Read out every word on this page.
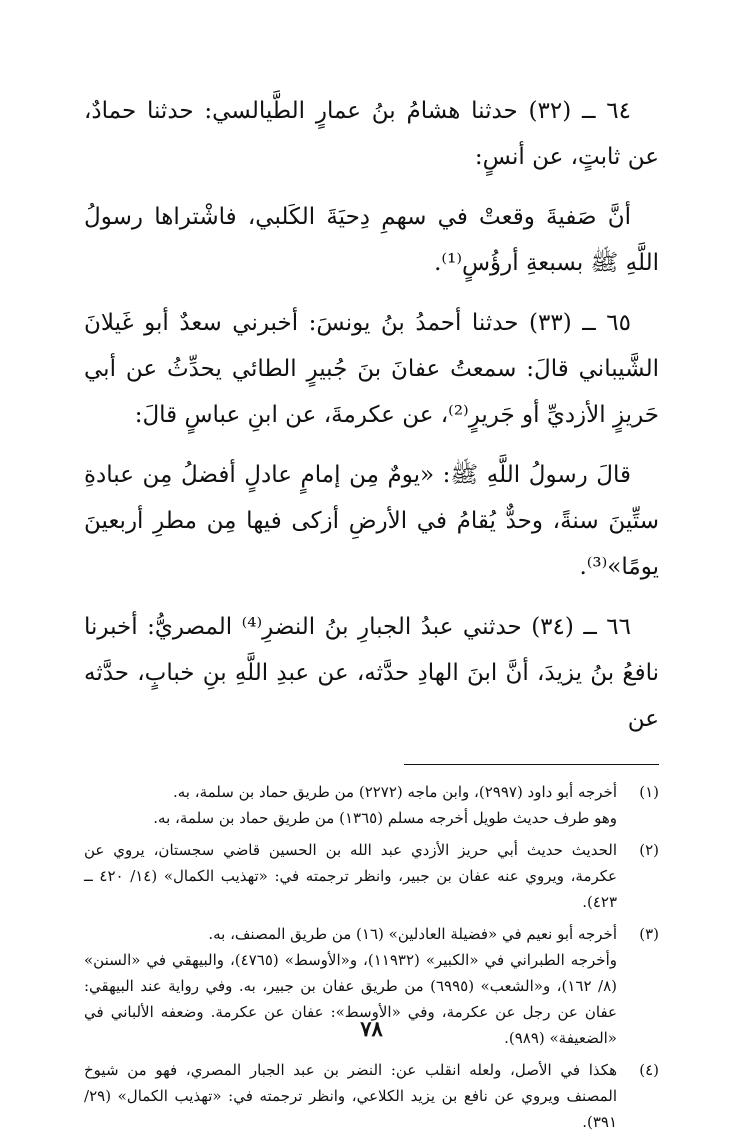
٦٤ ــ (٣٢) حدثنا هشامُ بنُ عمارٍ الطَّيالسي: حدثنا حمادٌ، عن ثابتٍ، عن أنسٍ:

أنَّ صَفيةَ وقعتْ في سهمِ دِحيَةَ الكَلبي، فاشْتراها رسولُ اللَّهِ ﷺ بسبعةِ أرؤُسٍ⁽¹⁾.

٦٥ ــ (٣٣) حدثنا أحمدُ بنُ يونسَ: أخبرني سعدٌ أبو غَيلانَ الشَّيباني قالَ: سمعتُ عفانَ بنَ جُبيرٍ الطائي يحدِّثُ عن أبي حَريزٍ الأزديِّ أو جَريرٍ⁽²⁾، عن عكرمةَ، عن ابنِ عباسٍ قالَ:

قالَ رسولُ اللَّهِ ﷺ: «يومٌ مِن إمامٍ عادلٍ أفضلُ مِن عبادةِ ستِّينَ سنةً، وحدٌّ يُقامُ في الأرضِ أزكى فيها مِن مطرِ أربعينَ يومًا»⁽³⁾.

٦٦ ــ (٣٤) حدثني عبدُ الجبارِ بنُ النضرِ⁽⁴⁾ المصريُّ: أخبرنا نافعُ بنُ يزيدَ، أنَّ ابنَ الهادِ حدَّثه، عن عبدِ اللَّهِ بنِ خبابٍ، حدَّثه عن

(١)
أخرجه أبو داود (٢٩٩٧)، وابن ماجه (٢٢٧٢) من طريق حماد بن سلمة، به.
وهو طرف حديث طويل أخرجه مسلم (١٣٦٥) من طريق حماد بن سلمة، به.
(٢)
الحديث حديث أبي حريز الأزدي عبد الله بن الحسين قاضي سجستان، يروي عن عكرمة، ويروي عنه عفان بن جبير، وانظر ترجمته في: «تهذيب الكمال» (١٤/ ٤٢٠ ــ ٤٢٣).
(٣)
أخرجه أبو نعيم في «فضيلة العادلين» (١٦) من طريق المصنف، به.
وأخرجه الطبراني في «الكبير» (١١٩٣٢)، و«الأوسط» (٤٧٦٥)، والبيهقي في «السنن» (٨/ ١٦٢)، و«الشعب» (٦٩٩٥) من طريق عفان بن جبير، به. وفي رواية عند البيهقي: عفان عن رجل عن عكرمة، وفي «الأوسط»: عفان عن عكرمة. وضعفه الألباني في «الضعيفة» (٩٨٩).
(٤)
هكذا في الأصل، ولعله انقلب عن: النضر بن عبد الجبار المصري، فهو من شيوخ المصنف ويروي عن نافع بن يزيد الكلاعي، وانظر ترجمته في: «تهذيب الكمال» (٢٩/ ٣٩١).
٧٨
